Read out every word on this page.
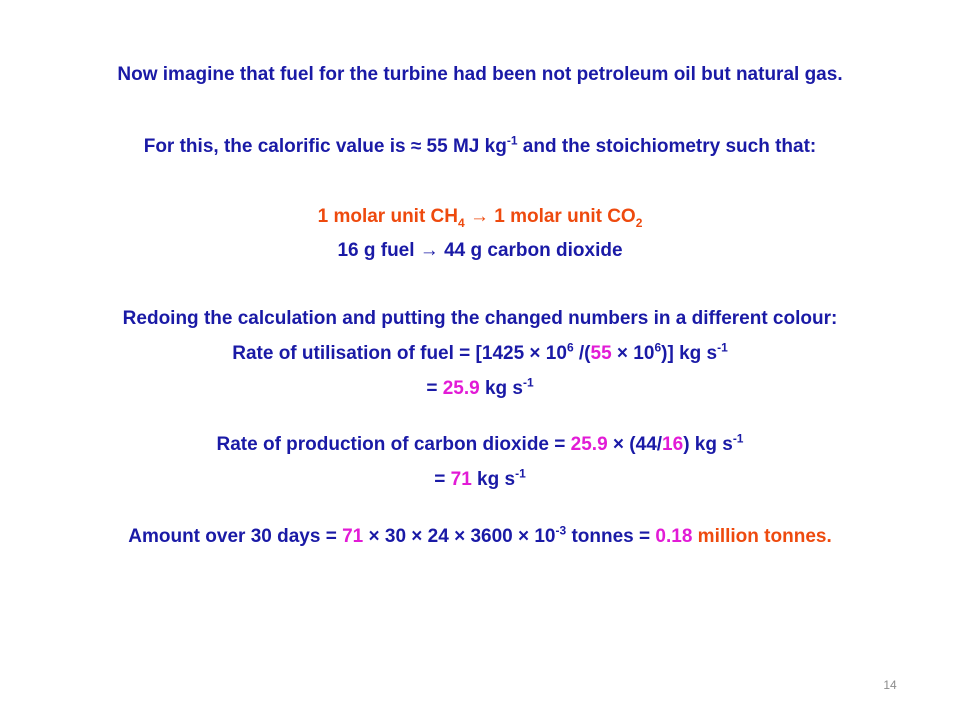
Now imagine that fuel for the turbine had been not petroleum oil but natural gas.
For this, the calorific value is ≈ 55 MJ $kg^{-1}$ and the stoichiometry such that:
1 molar unit $CH_4 \to 1$ molar unit $CO_2$
16 g fuel → 44 g carbon dioxide
Redoing the calculation and putting the changed numbers in a different colour:
Rate of utilisation of fuel = [$1425 \times 10^6$ $/(55 \times 10^6)$] kg $s^{-1}$
= 25.9 kg $s^{-1}$
Rate of production of carbon dioxide = 25.9 × (44/16) kg $s^{-1}$
= 71 kg $s^{-1}$
Amount over 30 days = $71 \times 30 \times 24 \times 3600 \times 10^{-3}$ tonnes = 0.18 million tonnes.
14
